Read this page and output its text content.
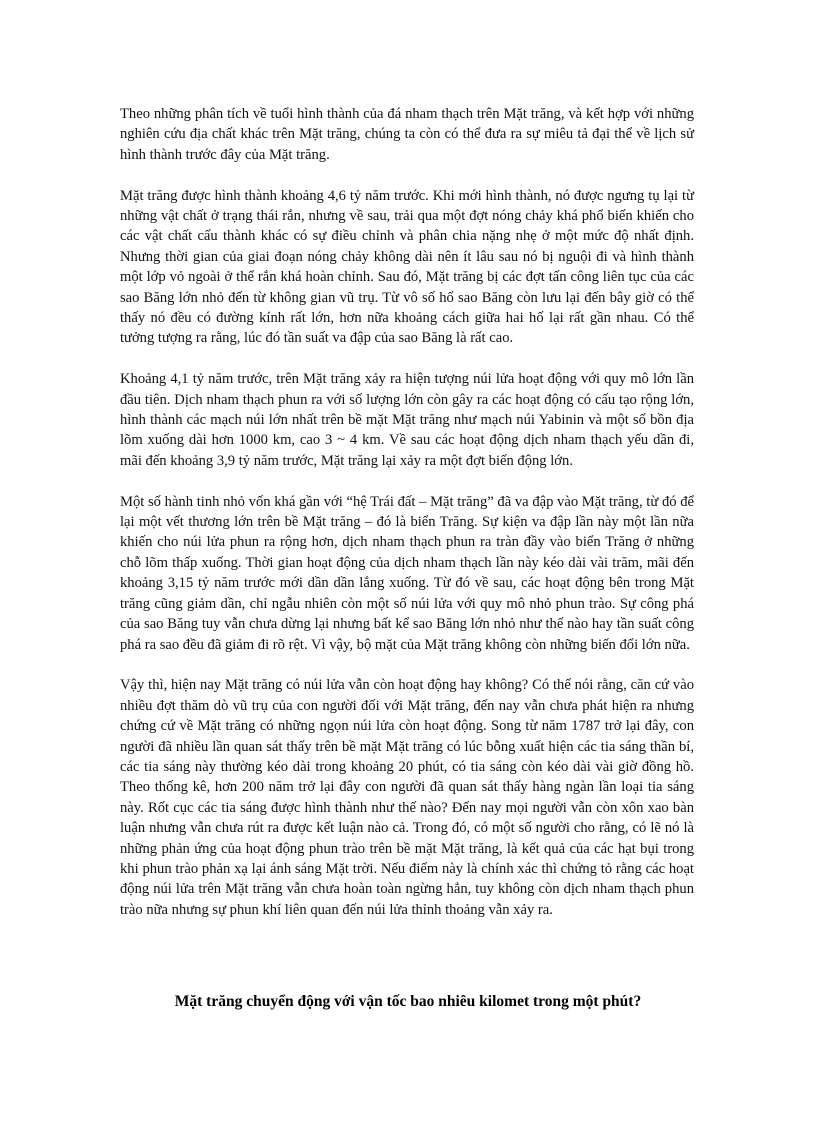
Theo những phân tích về tuổi hình thành của đá nham thạch trên Mặt trăng, và kết hợp với những nghiên cứu địa chất khác trên Mặt trăng, chúng ta còn có thể đưa ra sự miêu tả đại thể về lịch sử hình thành trước đây của Mặt trăng.

Mặt trăng được hình thành khoảng 4,6 tỷ năm trước. Khi mới hình thành, nó được ngưng tụ lại từ những vật chất ở trạng thái rắn, nhưng về sau, trải qua một đợt nóng chảy khá phổ biến khiến cho các vật chất cấu thành khác có sự điều chỉnh và phân chia nặng nhẹ ở một mức độ nhất định. Nhưng thời gian của giai đoạn nóng chảy không dài nên ít lâu sau nó bị nguội đi và hình thành một lớp vỏ ngoài ở thể rắn khá hoàn chỉnh. Sau đó, Mặt trăng bị các đợt tấn công liên tục của các sao Băng lớn nhỏ đến từ không gian vũ trụ. Từ vô số hố sao Băng còn lưu lại đến bây giờ có thể thấy nó đều có đường kính rất lớn, hơn nữa khoảng cách giữa hai hố lại rất gần nhau. Có thể tưởng tượng ra rằng, lúc đó tần suất va đập của sao Băng là rất cao.

Khoảng 4,1 tỷ năm trước, trên Mặt trăng xảy ra hiện tượng núi lửa hoạt động với quy mô lớn lần đầu tiên. Dịch nham thạch phun ra với số lượng lớn còn gây ra các hoạt động có cấu tạo rộng lớn, hình thành các mạch núi lớn nhất trên bề mặt Mặt trăng như mạch núi Yabinin và một số bồn địa lõm xuống dài hơn 1000 km, cao 3 ~ 4 km. Về sau các hoạt động dịch nham thạch yếu dần đi, mãi đến khoảng 3,9 tỷ năm trước, Mặt trăng lại xảy ra một đợt biến động lớn.

Một số hành tinh nhỏ vốn khá gần với “hệ Trái đất – Mặt trăng” đã va đập vào Mặt trăng, từ đó để lại một vết thương lớn trên bề Mặt trăng – đó là biển Trăng. Sự kiện va đập lần này một lần nữa khiến cho núi lửa phun ra rộng hơn, dịch nham thạch phun ra tràn đầy vào biển Trăng ở những chỗ lõm thấp xuống. Thời gian hoạt động của dịch nham thạch lần này kéo dài vài trăm, mãi đến khoảng 3,15 tỷ năm trước mới dần dần lắng xuống. Từ đó về sau, các hoạt động bên trong Mặt trăng cũng giảm dần, chỉ ngẫu nhiên còn một số núi lửa với quy mô nhỏ phun trào. Sự công phá của sao Băng tuy vẫn chưa dừng lại nhưng bất kể sao Băng lớn nhỏ như thế nào hay tần suất công phá ra sao đều đã giảm đi rõ rệt. Vì vậy, bộ mặt của Mặt trăng không còn những biến đổi lớn nữa.

Vậy thì, hiện nay Mặt trăng có núi lửa vẫn còn hoạt động hay không? Có thể nói rằng, căn cứ vào nhiều đợt thăm dò vũ trụ của con người đối với Mặt trăng, đến nay vẫn chưa phát hiện ra nhưng chứng cứ về Mặt trăng có những ngọn núi lửa còn hoạt động. Song từ năm 1787 trở lại đây, con người đã nhiều lần quan sát thấy trên bề mặt Mặt trăng có lúc bỗng xuất hiện các tia sáng thần bí, các tia sáng này thường kéo dài trong khoảng 20 phút, có tia sáng còn kéo dài vài giờ đồng hồ. Theo thống kê, hơn 200 năm trở lại đây con người đã quan sát thấy hàng ngàn lần loại tia sáng này. Rốt cục các tia sáng được hình thành như thế nào? Đến nay mọi người vẫn còn xôn xao bàn luận nhưng vẫn chưa rút ra được kết luận nào cả. Trong đó, có một số người cho rằng, có lẽ nó là những phản ứng của hoạt động phun trào trên bề mặt Mặt trăng, là kết quả của các hạt bụi trong khi phun trào phản xạ lại ánh sáng Mặt trời. Nếu điểm này là chính xác thì chứng tỏ rằng các hoạt động núi lửa trên Mặt trăng vẫn chưa hoàn toàn ngừng hẳn, tuy không còn dịch nham thạch phun trào nữa nhưng sự phun khí liên quan đến núi lửa thỉnh thoảng vẫn xảy ra.

Mặt trăng chuyển động với vận tốc bao nhiêu kilomet trong một phút?
